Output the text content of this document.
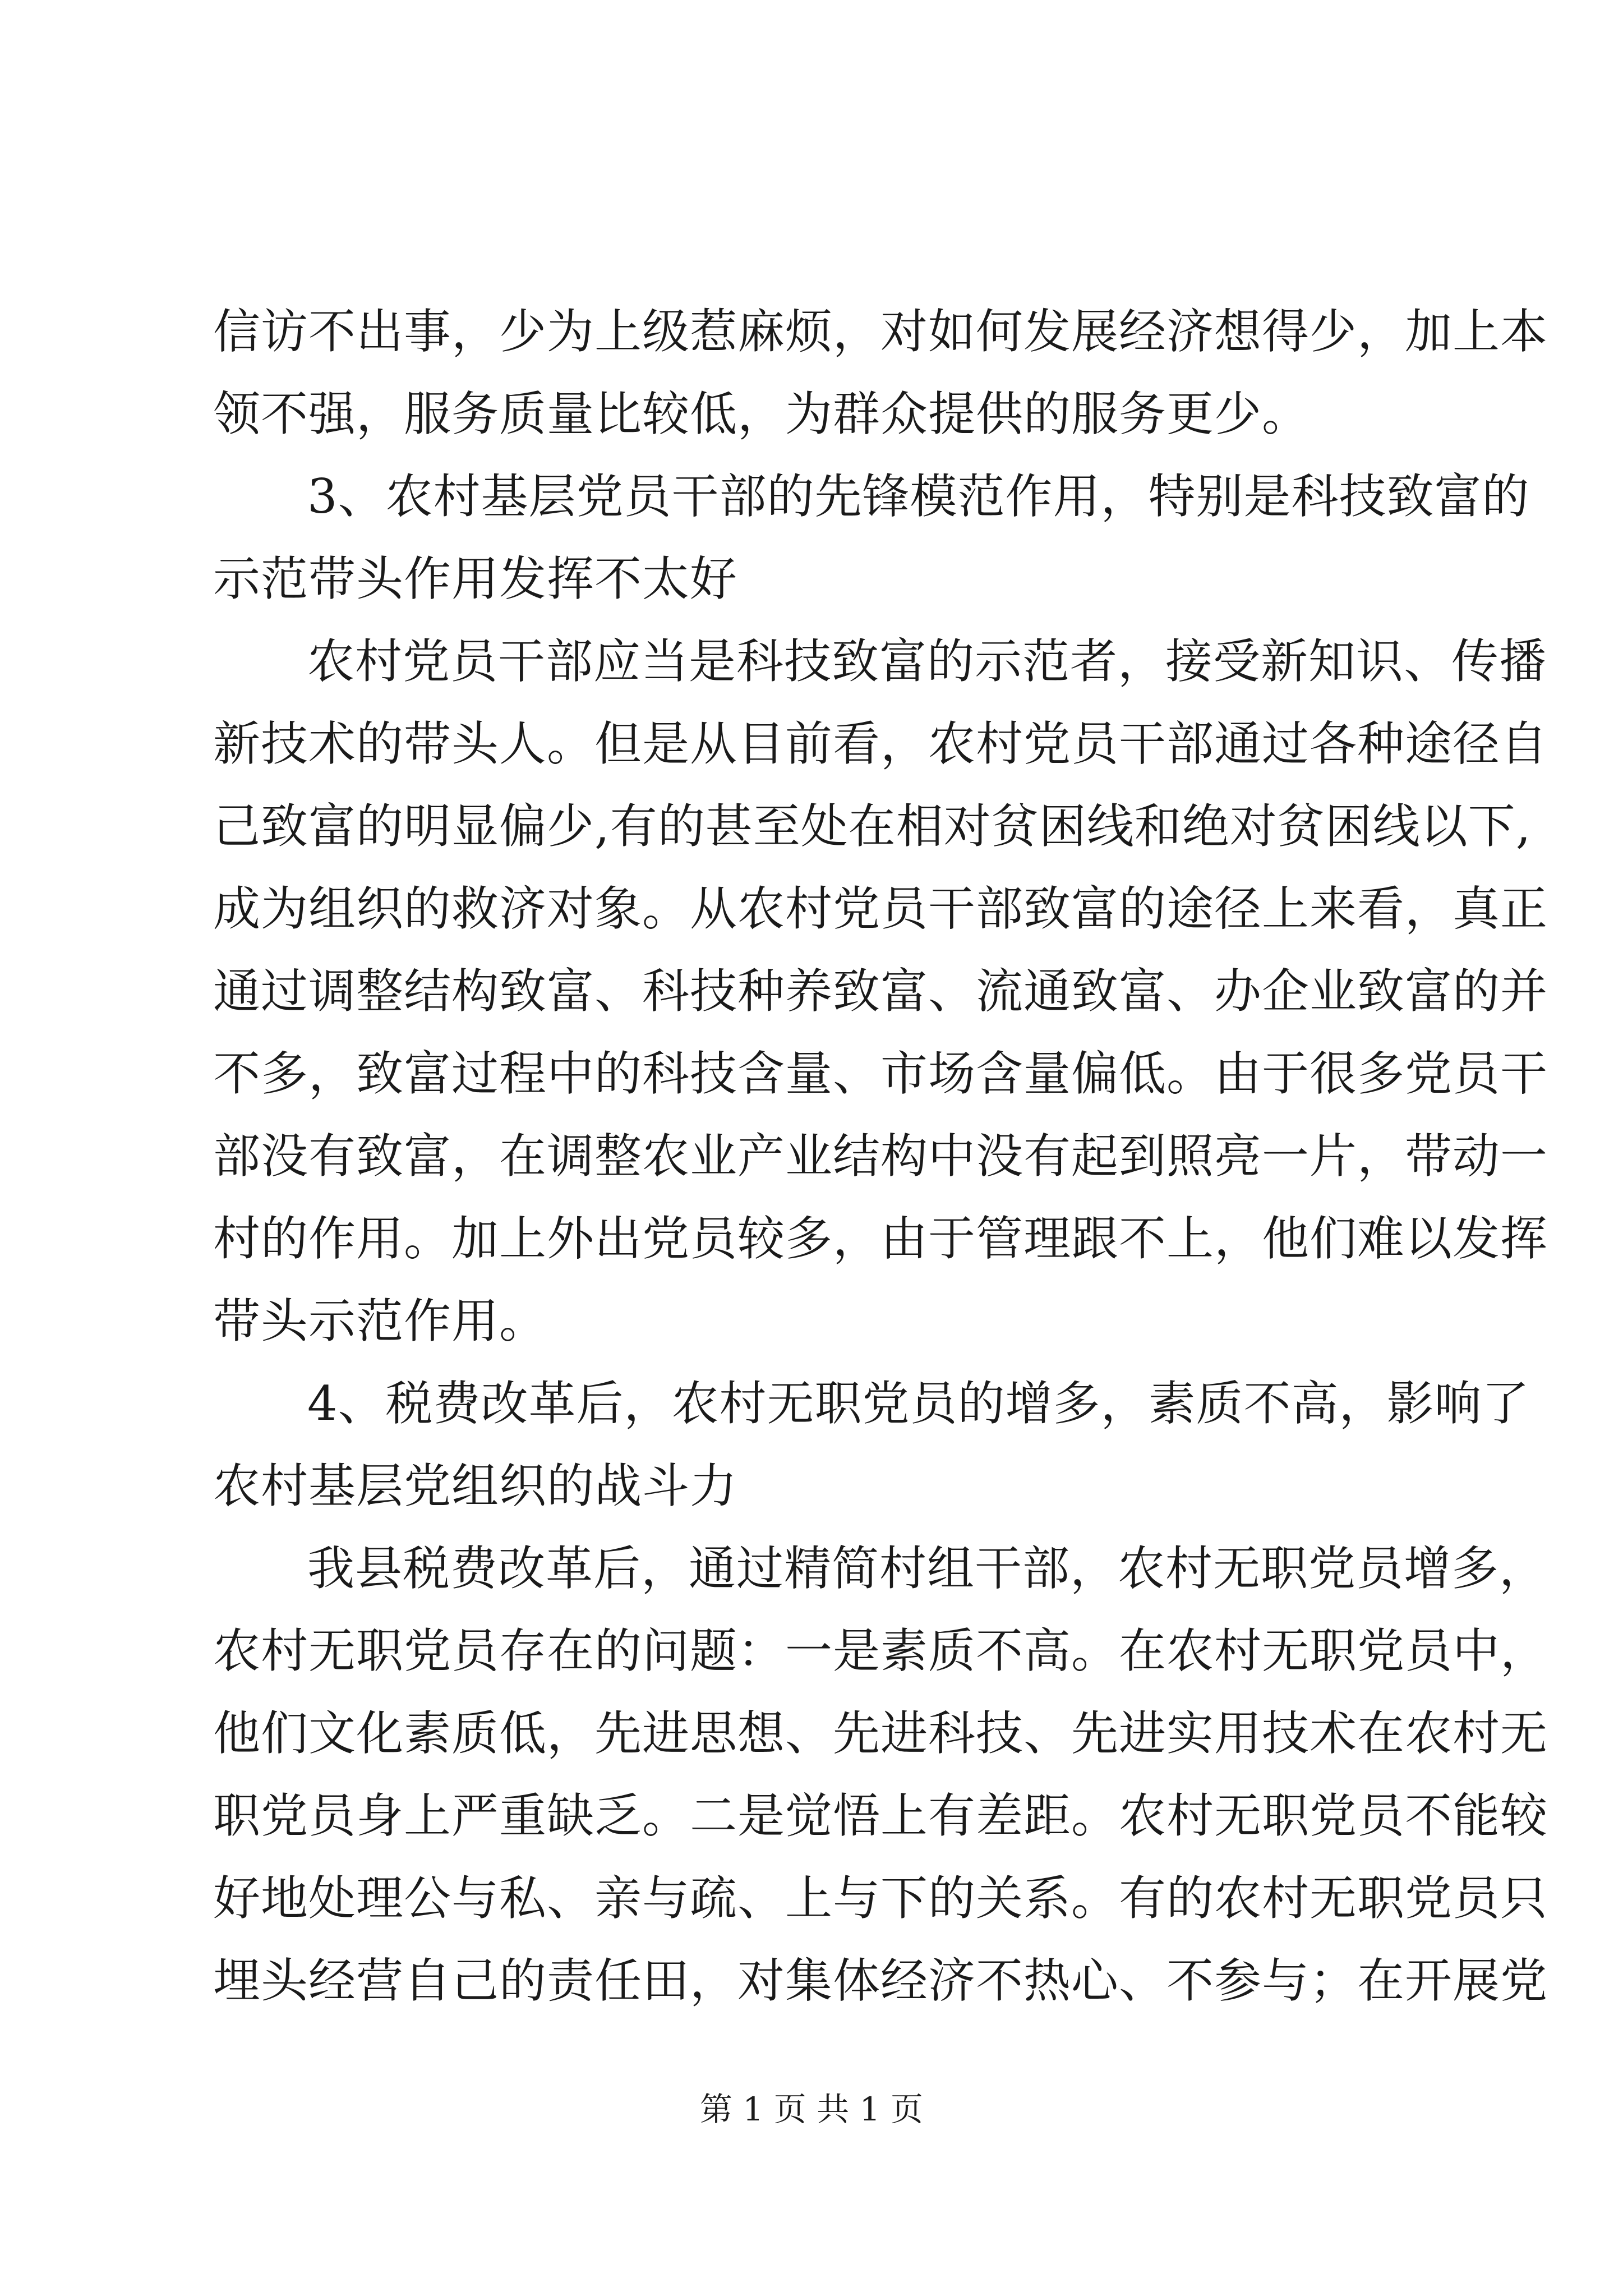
信访不出事，少为上级惹麻烦，对如何发展经济想得少，加上本
领不强，服务质量比较低，为群众提供的服务更少。
3、农村基层党员干部的先锋模范作用，特别是科技致富的
示范带头作用发挥不太好
农村党员干部应当是科技致富的示范者，接受新知识、传播
新技术的带头人。但是从目前看，农村党员干部通过各种途径自
己致富的明显偏少,有的甚至处在相对贫困线和绝对贫困线以下,
成为组织的救济对象。从农村党员干部致富的途径上来看，真正
通过调整结构致富、科技种养致富、流通致富、办企业致富的并
不多，致富过程中的科技含量、市场含量偏低。由于很多党员干
部没有致富，在调整农业产业结构中没有起到照亮一片，带动一
村的作用。加上外出党员较多，由于管理跟不上，他们难以发挥
带头示范作用。
4、税费改革后，农村无职党员的增多，素质不高，影响了
农村基层党组织的战斗力
我县税费改革后，通过精简村组干部，农村无职党员增多，
农村无职党员存在的问题：一是素质不高。在农村无职党员中，
他们文化素质低，先进思想、先进科技、先进实用技术在农村无
职党员身上严重缺乏。二是觉悟上有差距。农村无职党员不能较
好地处理公与私、亲与疏、上与下的关系。有的农村无职党员只
埋头经营自己的责任田，对集体经济不热心、不参与；在开展党
第 1 页 共 1 页
